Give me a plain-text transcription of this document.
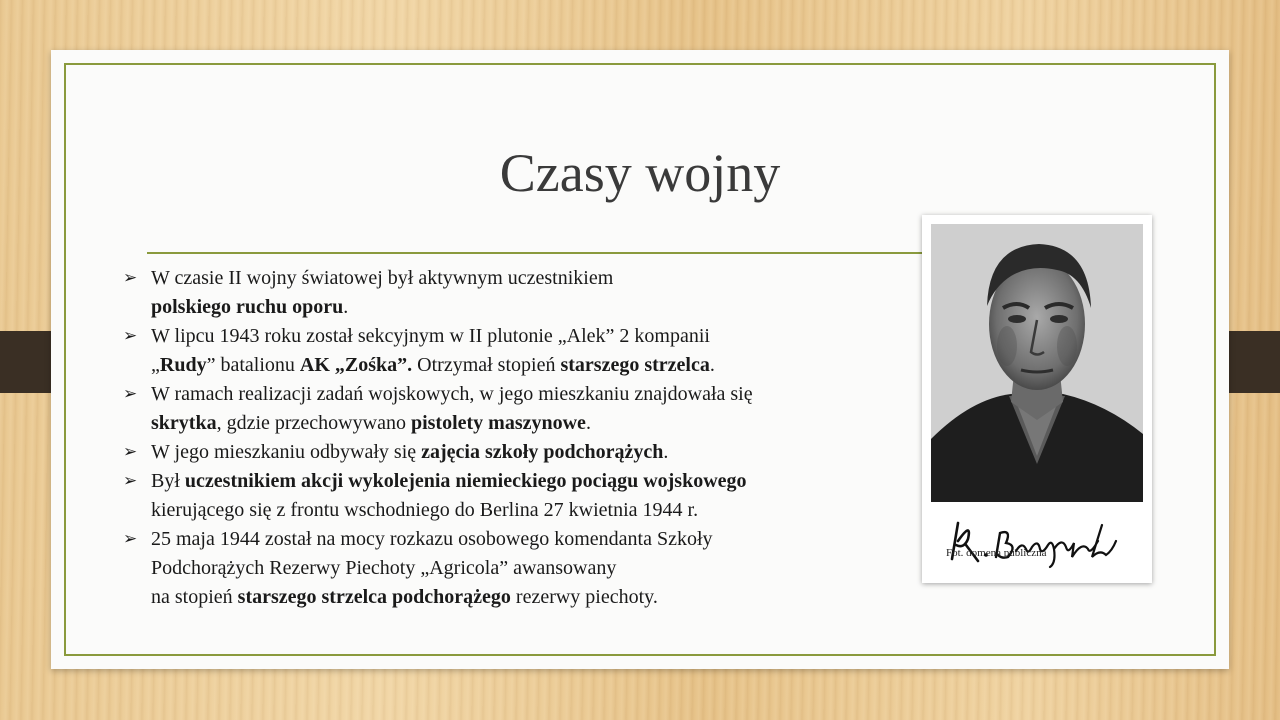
Czasy wojny
➢ W czasie II wojny światowej był aktywnym uczestnikiem
polskiego ruchu oporu.
➢ W lipcu 1943 roku został sekcyjnym w II plutonie „Alek” 2 kompanii
„Rudy” batalionu AK „Zośka”. Otrzymał stopień starszego strzelca.
➢ W ramach realizacji zadań wojskowych, w jego mieszkaniu znajdowała się
skrytka, gdzie przechowywano pistolety maszynowe.
➢ W jego mieszkaniu odbywały się zajęcia szkoły podchorążych.
➢ Był uczestnikiem akcji wykolejenia niemieckiego pociągu wojskowego
kierującego się z frontu wschodniego do Berlina 27 kwietnia 1944 r.
➢ 25 maja 1944 został na mocy rozkazu osobowego komendanta Szkoły
Podchorążych Rezerwy Piechoty „Agricola” awansowany
na stopień starszego strzelca podchorążego rezerwy piechoty.
Fot. domena publiczna
